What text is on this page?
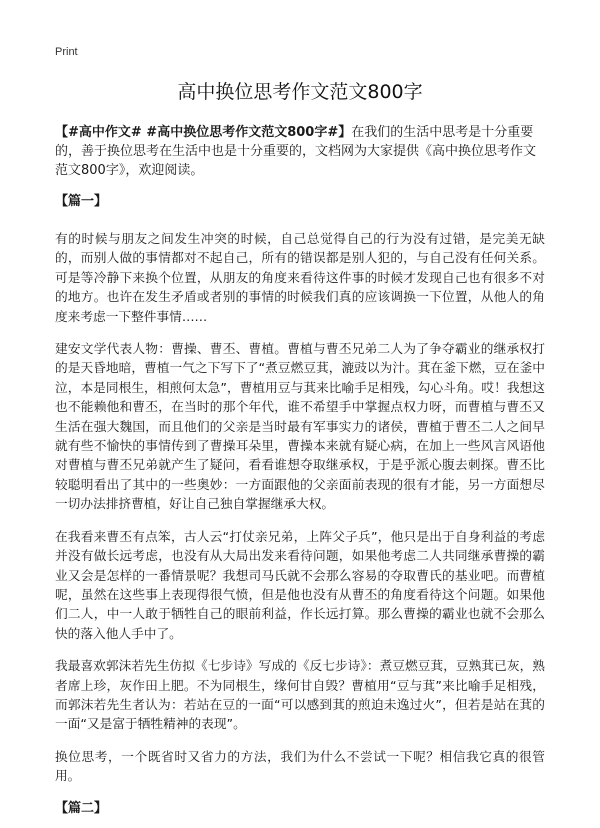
Print
高中换位思考作文范文800字

【#高中作文# #高中换位思考作文范文800字#】在我们的生活中思考是十分重要的，善于换位思考在生活中也是十分重要的，文档网为大家提供《高中换位思考作文范文800字》，欢迎阅读。

【篇一】

有的时候与朋友之间发生冲突的时候，自己总觉得自己的行为没有过错，是完美无缺的，而别人做的事情都对不起自己，所有的错误都是别人犯的，与自己没有任何关系。可是等冷静下来换个位置，从朋友的角度来看待这件事的时候才发现自己也有很多不对的地方。也许在发生矛盾或者别的事情的时候我们真的应该调换一下位置，从他人的角度来考虑一下整件事情……

建安文学代表人物：曹操、曹丕、曹植。曹植与曹丕兄弟二人为了争夺霸业的继承权打的是天昏地暗，曹植一气之下写下了“煮豆燃豆萁，漉豉以为汁。萁在釜下燃，豆在釜中泣，本是同根生，相煎何太急”，曹植用豆与萁来比喻手足相残，勾心斗角。哎！我想这也不能赖他和曹丕，在当时的那个年代，谁不希望手中掌握点权力呀，而曹植与曹丕又生活在强大魏国，而且他们的父亲是当时最有军事实力的诸侯，曹植于曹丕二人之间早就有些不愉快的事情传到了曹操耳朵里，曹操本来就有疑心病，在加上一些风言风语他对曹植与曹丕兄弟就产生了疑问，看看谁想夺取继承权，于是乎派心腹去刺探。曹丕比较聪明看出了其中的一些奥妙：一方面跟他的父亲面前表现的很有才能，另一方面想尽一切办法排挤曹植，好让自己独自掌握继承大权。

在我看来曹丕有点笨，古人云“打仗亲兄弟，上阵父子兵”，他只是出于自身利益的考虑并没有做长远考虑，也没有从大局出发来看待问题，如果他考虑二人共同继承曹操的霸业又会是怎样的一番情景呢？我想司马氏就不会那么容易的夺取曹氏的基业吧。而曹植呢，虽然在这些事上表现得很气愤，但是他也没有从曹丕的角度看待这个问题。如果他们二人，中一人敢于牺牲自己的眼前利益，作长远打算。那么曹操的霸业也就不会那么快的落入他人手中了。

我最喜欢郭沫若先生仿拟《七步诗》写成的《反七步诗》：煮豆燃豆萁，豆熟萁已灰，熟者席上珍，灰作田上肥。不为同根生，缘何甘自毁？曹植用“豆与萁”来比喻手足相残，而郭沫若先生者认为：若站在豆的一面“可以感到萁的煎迫未逸过火”，但若是站在萁的一面“又是富于牺牲精神的表现”。

换位思考，一个既省时又省力的方法，我们为什么不尝试一下呢？相信我它真的很管用。

【篇二】
